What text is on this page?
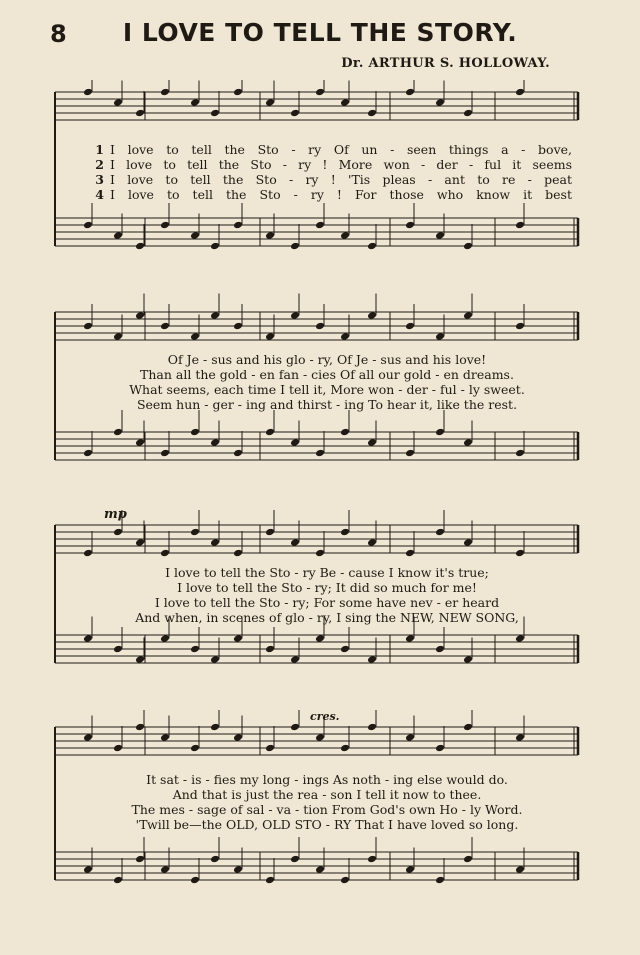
8	I LOVE TO TELL THE STORY.
Dr. ARTHUR S. HOLLOWAY.
1 I love to tell the Sto - ry Of un - seen things a - bove,
2 I love to tell the Sto - ry ! More won - der - ful it seems
3 I love to tell the Sto - ry ! 'Tis pleas - ant to re - peat
4 I love to tell the Sto - ry ! For those who know it best
Of Je - sus and his glo - ry, Of Je - sus and his love!
Than all the gold - en fan - cies Of all our gold - en dreams.
What seems, each time I tell it, More won - der - ful - ly sweet.
Seem hun - ger - ing and thirst - ing To hear it, like the rest.
mp
I love to tell the Sto - ry Be - cause I know it's true;
I love to tell the Sto - ry; It did so much for me!
I love to tell the Sto - ry; For some have nev - er heard
And when, in scenes of glo - ry, I sing the NEW, NEW SONG,
cres.
It sat - is - fies my long - ings As noth - ing else would do.
And that is just the rea - son I tell it now to thee.
The mes - sage of sal - va - tion From God's own Ho - ly Word.
'Twill be—the OLD, OLD STO - RY That I have loved so long.
